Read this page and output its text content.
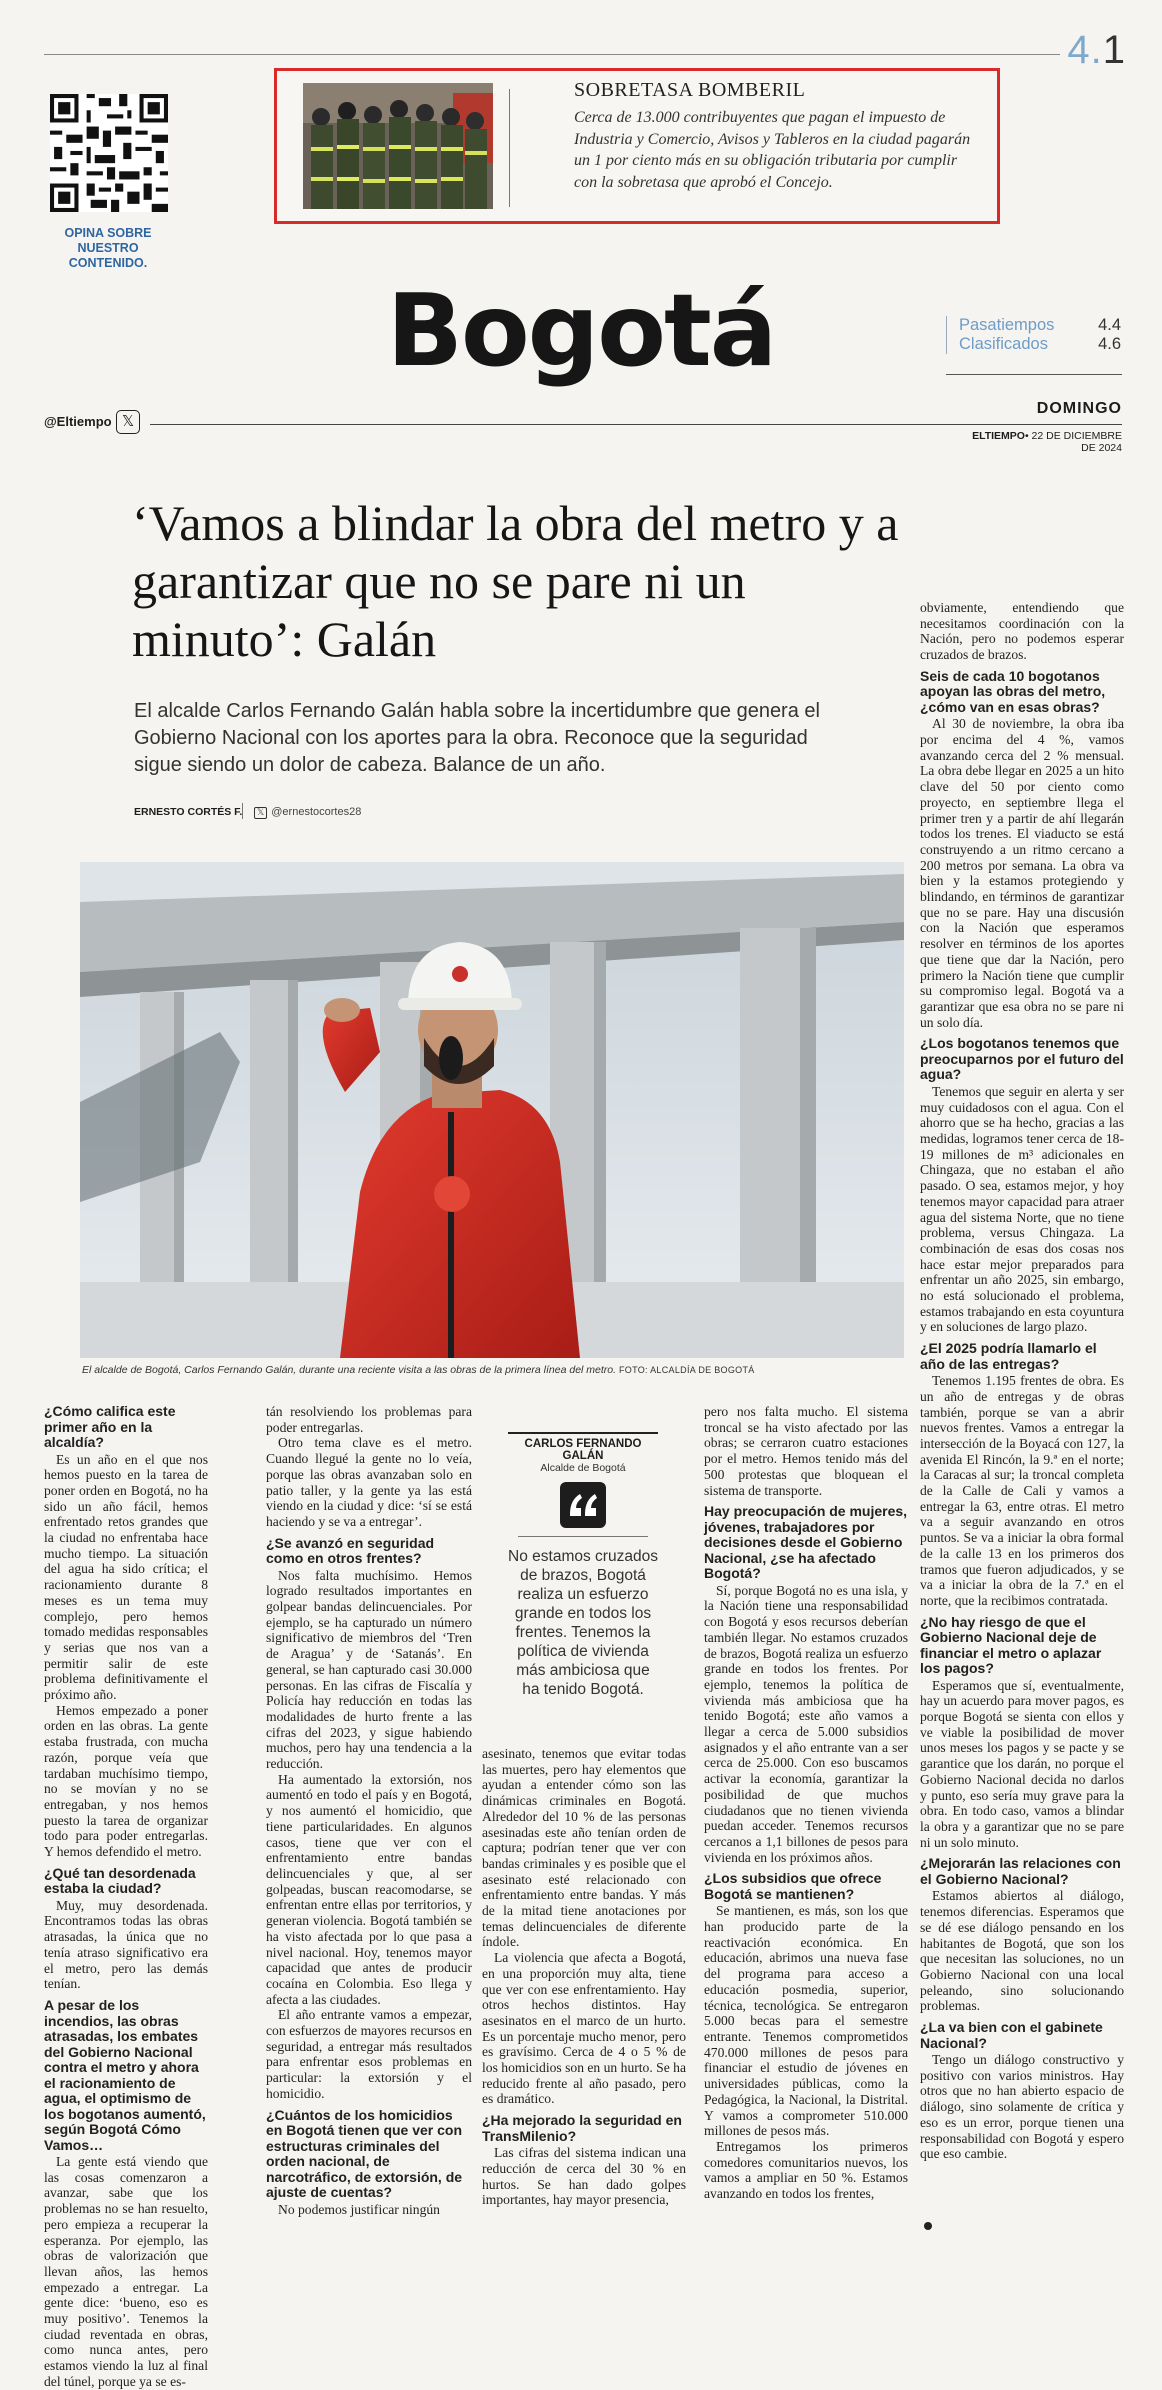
4.1
OPINA SOBRE NUESTRO CONTENIDO.
SOBRETASA BOMBERIL
Cerca de 13.000 contribuyentes que pagan el impuesto de Industria y Comercio, Avisos y Tableros en la ciudad pagarán un 1 por ciento más en su obligación tributaria por cumplir con la sobretasa que aprobó el Concejo.
Bogotá	Pasatiempos	4.4
Clasificados	4.6
DOMINGO
@Eltiempo 𝕏
ELTIEMPO• 22 DE DICIEMBRE DE 2024
‘Vamos a blindar la obra del metro y a garantizar que no se pare ni un minuto’: Galán
El alcalde Carlos Fernando Galán habla sobre la incertidumbre que genera el Gobierno Nacional con los aportes para la obra. Reconoce que la seguridad sigue siendo un dolor de cabeza. Balance de un año.
ERNESTO CORTÉS F.	𝕏 @ernestocortes28
El alcalde de Bogotá, Carlos Fernando Galán, durante una reciente visita a las obras de la primera línea del metro. FOTO: ALCALDÍA DE BOGOTÁ
¿Cómo califica este primer año en la alcaldía?

Es un año en el que nos hemos puesto en la tarea de poner orden en Bogotá, no ha sido un año fácil, hemos enfrentado retos grandes que la ciudad no enfrentaba hace mucho tiempo. La situación del agua ha sido crítica; el racionamiento durante 8 meses es un tema muy complejo, pero hemos tomado medidas responsables y serias que nos van a permitir salir de este problema definitivamente el próximo año.

Hemos empezado a poner orden en las obras. La gente estaba frustrada, con mucha razón, porque veía que tardaban muchísimo tiempo, no se movían y no se entregaban, y nos hemos puesto la tarea de organizar todo para poder entregarlas. Y hemos defendido el metro.

¿Qué tan desordenada estaba la ciudad?

Muy, muy desordenada. Encontramos todas las obras atrasadas, la única que no tenía atraso significativo era el metro, pero las demás tenían.

A pesar de los incendios, las obras atrasadas, los embates del Gobierno Nacional contra el metro y ahora el racionamiento de agua, el optimismo de los bogotanos aumentó, según Bogotá Cómo Vamos…

La gente está viendo que las cosas comenzaron a avanzar, sabe que los problemas no se han resuelto, pero empieza a recuperar la esperanza. Por ejemplo, las obras de valorización que llevan años, las hemos empezado a entregar. La gente dice: ‘bueno, eso es muy positivo’. Tenemos la ciudad reventada en obras, como nunca antes, pero estamos viendo la luz al final del túnel, porque ya se es-

tán resolviendo los problemas para poder entregarlas.

Otro tema clave es el metro. Cuando llegué la gente no lo veía, porque las obras avanzaban solo en patio taller, y la gente ya las está viendo en la ciudad y dice: ‘sí se está haciendo y se va a entregar’.

¿Se avanzó en seguridad como en otros frentes?

Nos falta muchísimo. Hemos logrado resultados importantes en golpear bandas delincuenciales. Por ejemplo, se ha capturado un número significativo de miembros del ‘Tren de Aragua’ y de ‘Satanás’. En general, se han capturado casi 30.000 personas. En las cifras de Fiscalía y Policía hay reducción en todas las modalidades de hurto frente a las cifras del 2023, y sigue habiendo muchos, pero hay una tendencia a la reducción.

Ha aumentado la extorsión, nos aumentó en todo el país y en Bogotá, y nos aumentó el homicidio, que tiene particularidades. En algunos casos, tiene que ver con el enfrentamiento entre bandas delincuenciales y que, al ser golpeadas, buscan reacomodarse, se enfrentan entre ellas por territorios, y generan violencia. Bogotá también se ha visto afectada por lo que pasa a nivel nacional. Hoy, tenemos mayor capacidad que antes de producir cocaína en Colombia. Eso llega y afecta a las ciudades.

El año entrante vamos a empezar, con esfuerzos de mayores recursos en seguridad, a entregar más resultados para enfrentar esos problemas en particular: la extorsión y el homicidio.

¿Cuántos de los homicidios en Bogotá tienen que ver con estructuras criminales del orden nacional, de narcotráfico, de extorsión, de ajuste de cuentas?

No podemos justificar ningún

asesinato, tenemos que evitar todas las muertes, pero hay elementos que ayudan a entender cómo son las dinámicas criminales en Bogotá. Alrededor del 10 % de las personas asesinadas este año tenían orden de captura; podrían tener que ver con bandas criminales y es posible que el asesinato esté relacionado con enfrentamiento entre bandas. Y más de la mitad tiene anotaciones por temas delincuenciales de diferente índole.

La violencia que afecta a Bogotá, en una proporción muy alta, tiene que ver con ese enfrentamiento. Hay otros hechos distintos. Hay asesinatos en el marco de un hurto. Es un porcentaje mucho menor, pero es gravísimo. Cerca de 4 o 5 % de los homicidios son en un hurto. Se ha reducido frente al año pasado, pero es dramático.

¿Ha mejorado la seguridad en TransMilenio?

Las cifras del sistema indican una reducción de cerca del 30 % en hurtos. Se han dado golpes importantes, hay mayor presencia,

pero nos falta mucho. El sistema troncal se ha visto afectado por las obras; se cerraron cuatro estaciones por el metro. Hemos tenido más del 500 protestas que bloquean el sistema de transporte.

Hay preocupación de mujeres, jóvenes, trabajadores por decisiones desde el Gobierno Nacional, ¿se ha afectado Bogotá?

Sí, porque Bogotá no es una isla, y la Nación tiene una responsabilidad con Bogotá y esos recursos deberían también llegar. No estamos cruzados de brazos, Bogotá realiza un esfuerzo grande en todos los frentes. Por ejemplo, tenemos la política de vivienda más ambiciosa que ha tenido Bogotá; este año vamos a llegar a cerca de 5.000 subsidios asignados y el año entrante van a ser cerca de 25.000. Con eso buscamos activar la economía, garantizar la posibilidad de que muchos ciudadanos que no tienen vivienda puedan acceder. Tenemos recursos cercanos a 1,1 billones de pesos para vivienda en los próximos años.

¿Los subsidios que ofrece Bogotá se mantienen?

Se mantienen, es más, son los que han producido parte de la reactivación económica. En educación, abrimos una nueva fase del programa para acceso a educación posmedia, superior, técnica, tecnológica. Se entregaron 5.000 becas para el semestre entrante. Tenemos comprometidos 470.000 millones de pesos para financiar el estudio de jóvenes en universidades públicas, como la Pedagógica, la Nacional, la Distrital. Y vamos a comprometer 510.000 millones de pesos más.

Entregamos los primeros comedores comunitarios nuevos, los vamos a ampliar en 50 %. Estamos avanzando en todos los frentes,

obviamente, entendiendo que necesitamos coordinación con la Nación, pero no podemos esperar cruzados de brazos.

Seis de cada 10 bogotanos apoyan las obras del metro, ¿cómo van en esas obras?

Al 30 de noviembre, la obra iba por encima del 4 %, vamos avanzando cerca del 2 % mensual. La obra debe llegar en 2025 a un hito clave del 50 por ciento como proyecto, en septiembre llega el primer tren y a partir de ahí llegarán todos los trenes. El viaducto se está construyendo a un ritmo cercano a 200 metros por semana. La obra va bien y la estamos protegiendo y blindando, en términos de garantizar que no se pare. Hay una discusión con la Nación que esperamos resolver en términos de los aportes que tiene que dar la Nación, pero primero la Nación tiene que cumplir su compromiso legal. Bogotá va a garantizar que esa obra no se pare ni un solo día.

¿Los bogotanos tenemos que preocuparnos por el futuro del agua?

Tenemos que seguir en alerta y ser muy cuidadosos con el agua. Con el ahorro que se ha hecho, gracias a las medidas, logramos tener cerca de 18-19 millones de m³ adicionales en Chingaza, que no estaban el año pasado. O sea, estamos mejor, y hoy tenemos mayor capacidad para atraer agua del sistema Norte, que no tiene problema, versus Chingaza. La combinación de esas dos cosas nos hace estar mejor preparados para enfrentar un año 2025, sin embargo, no está solucionado el problema, estamos trabajando en esta coyuntura y en soluciones de largo plazo.

¿El 2025 podría llamarlo el año de las entregas?

Tenemos 1.195 frentes de obra. Es un año de entregas y de obras también, porque se van a abrir nuevos frentes. Vamos a entregar la intersección de la Boyacá con 127, la avenida El Rincón, la 9.ª en el norte; la Caracas al sur; la troncal completa de la Calle de Cali y vamos a entregar la 63, entre otras. El metro va a seguir avanzando en otros puntos. Se va a iniciar la obra formal de la calle 13 en los primeros dos tramos que fueron adjudicados, y se va a iniciar la obra de la 7.ª en el norte, que la recibimos contratada.

¿No hay riesgo de que el Gobierno Nacional deje de financiar el metro o aplazar los pagos?

Esperamos que sí, eventualmente, hay un acuerdo para mover pagos, es porque Bogotá se sienta con ellos y ve viable la posibilidad de mover unos meses los pagos y se pacte y se garantice que los darán, no porque el Gobierno Nacional decida no darlos y punto, eso sería muy grave para la obra. En todo caso, vamos a blindar la obra y a garantizar que no se pare ni un solo minuto.

¿Mejorarán las relaciones con el Gobierno Nacional?

Estamos abiertos al diálogo, tenemos diferencias. Esperamos que se dé ese diálogo pensando en los habitantes de Bogotá, que son los que necesitan las soluciones, no un Gobierno Nacional con una local peleando, sino solucionando problemas.

¿La va bien con el gabinete Nacional?

Tengo un diálogo constructivo y positivo con varios ministros. Hay otros que no han abierto espacio de diálogo, sino solamente de crítica y eso es un error, porque tienen una responsabilidad con Bogotá y espero que eso cambie.

CARLOS FERNANDO GALÁN
Alcalde de Bogotá
No estamos cruzados de brazos, Bogotá realiza un esfuerzo grande en todos los frentes. Tenemos la política de vivienda más ambiciosa que ha tenido Bogotá.
